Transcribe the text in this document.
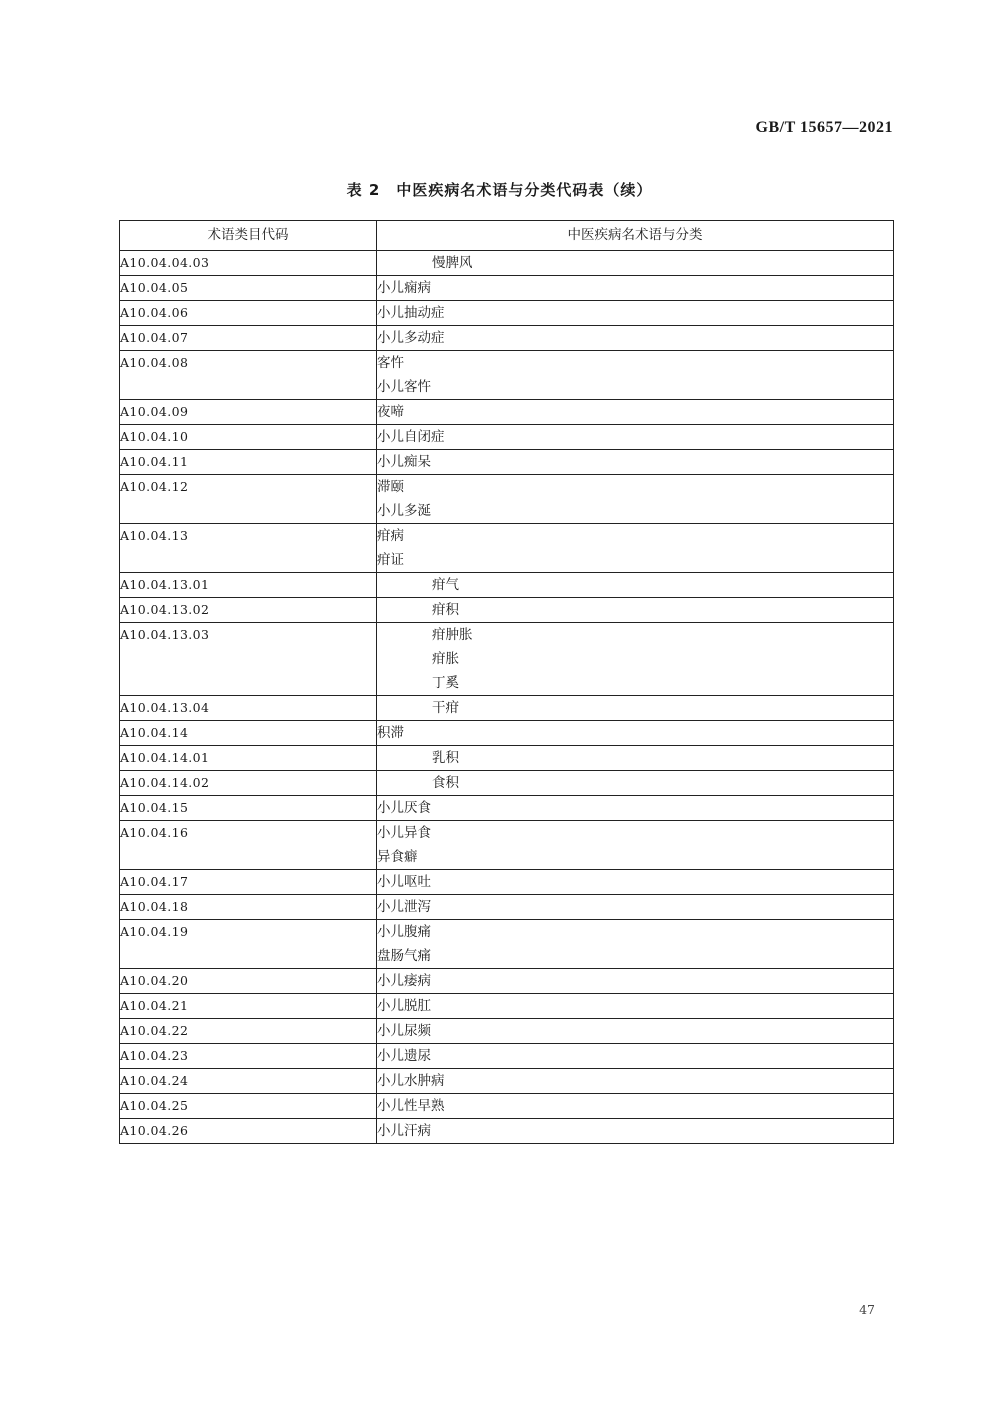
GB/T 15657—2021
表 2　中医疾病名术语与分类代码表（续）
术语类目代码	中医疾病名术语与分类

A10.04.04.03	慢脾风

A10.04.05	小儿痫病

A10.04.06	小儿抽动症

A10.04.07	小儿多动症

A10.04.08	客忤
小儿客忤

A10.04.09	夜啼

A10.04.10	小儿自闭症

A10.04.11	小儿痴呆

A10.04.12	滞颐
小儿多涎

A10.04.13	疳病
疳证

A10.04.13.01	疳气

A10.04.13.02	疳积

A10.04.13.03	疳肿胀
疳胀
丁奚

A10.04.13.04	干疳

A10.04.14	积滞

A10.04.14.01	乳积

A10.04.14.02	食积

A10.04.15	小儿厌食

A10.04.16	小儿异食
异食癖

A10.04.17	小儿呕吐

A10.04.18	小儿泄泻

A10.04.19	小儿腹痛
盘肠气痛

A10.04.20	小儿痿病

A10.04.21	小儿脱肛

A10.04.22	小儿尿频

A10.04.23	小儿遗尿

A10.04.24	小儿水肿病

A10.04.25	小儿性早熟

A10.04.26	小儿汗病
47
